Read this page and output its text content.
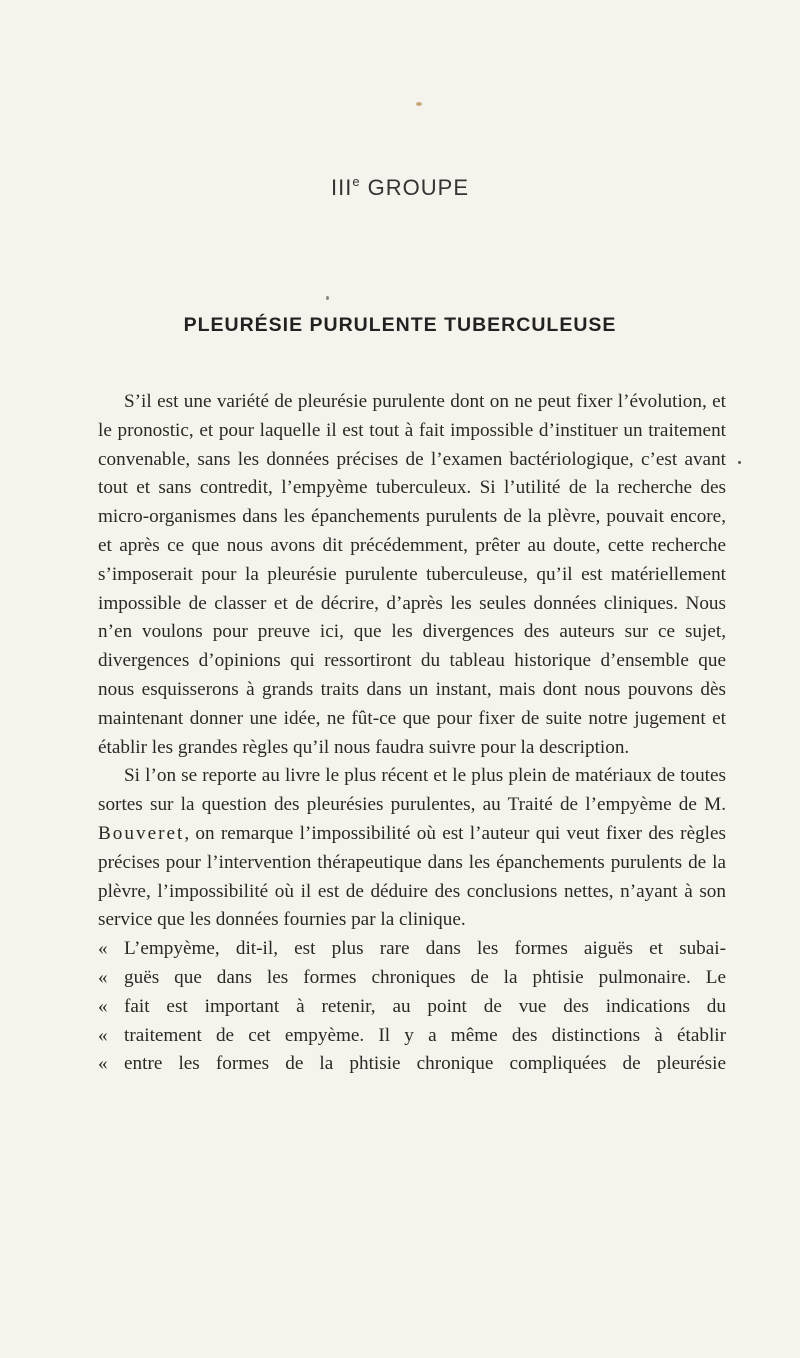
IIIe GROUPE
PLEURÉSIE PURULENTE TUBERCULEUSE

S’il est une variété de pleurésie purulente dont on ne peut fixer l’évolution, et le pronostic, et pour laquelle il est tout à fait impossible d’instituer un traitement convenable, sans les données précises de l’examen bactériologique, c’est avant tout et sans contredit, l’empyème tuberculeux. Si l’utilité de la recherche des micro-organismes dans les épanchements purulents de la plèvre, pouvait encore, et après ce que nous avons dit précédemment, prêter au doute, cette recherche s’imposerait pour la pleurésie purulente tuberculeuse, qu’il est matériellement impossible de classer et de décrire, d’après les seules données cliniques. Nous n’en voulons pour preuve ici, que les divergences des auteurs sur ce sujet, divergences d’opinions qui ressortiront du tableau historique d’ensemble que nous esquisserons à grands traits dans un instant, mais dont nous pouvons dès maintenant donner une idée, ne fût-ce que pour fixer de suite notre jugement et établir les grandes règles qu’il nous faudra suivre pour la description.

Si l’on se reporte au livre le plus récent et le plus plein de matériaux de toutes sortes sur la question des pleurésies purulentes, au Traité de l’empyème de M. Bouveret, on remarque l’impossibilité où est l’auteur qui veut fixer des règles précises pour l’intervention thérapeutique dans les épanchements purulents de la plèvre, l’impossibilité où il est de déduire des conclusions nettes, n’ayant à son service que les données fournies par la clinique.

« L’empyème, dit-il, est plus rare dans les formes aiguës et subai-
« guës que dans les formes chroniques de la phtisie pulmonaire. Le
« fait est important à retenir, au point de vue des indications du
« traitement de cet empyème. Il y a même des distinctions à établir
« entre les formes de la phtisie chronique compliquées de pleurésie
